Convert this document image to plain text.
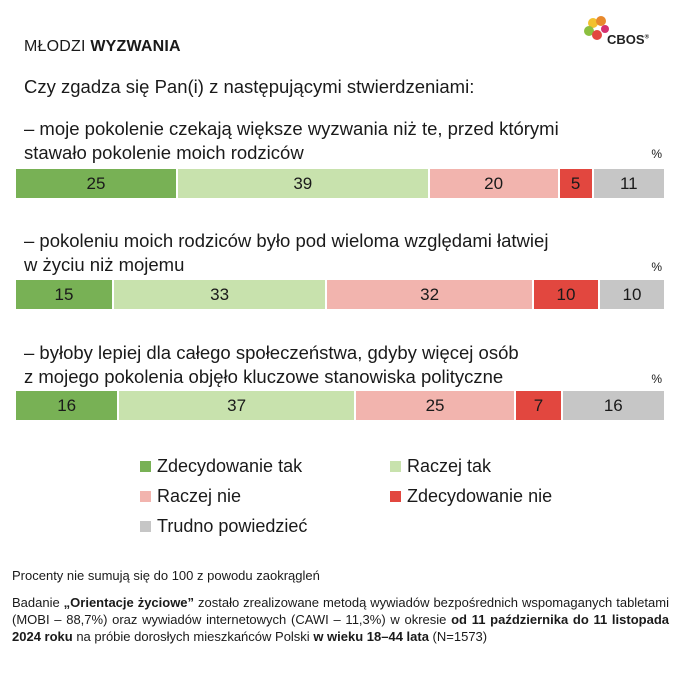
MŁODZI WYZWANIA	CBOS®
Czy zgadza się Pan(i) z następującymi stwierdzeniami:
– moje pokolenie czekają większe wyzwania niż te, przed którymi
stawało pokolenie moich rodziców	%
25	39	20	5 11
– pokoleniu moich rodziców było pod wieloma względami łatwiej
w życiu niż mojemu	%
15	33	32	10	10
– byłoby lepiej dla całego społeczeństwa, gdyby więcej osób
z mojego pokolenia objęło kluczowe stanowiska polityczne	%
16	37	25	7	16
Zdecydowanie tak	Raczej tak
Raczej nie	Zdecydowanie nie
Trudno powiedzieć
Procenty nie sumują się do 100 z powodu zaokrągleń
Badanie „Orientacje życiowe” zostało zrealizowane metodą wywiadów bezpośrednich wspomaganych tabletami (MOBI – 88,7%) oraz wywiadów internetowych (CAWI – 11,3%) w okresie od 11 października do 11 listopada 2024 roku na próbie dorosłych mieszkańców Polski w wieku 18–44 lata (N=1573)
